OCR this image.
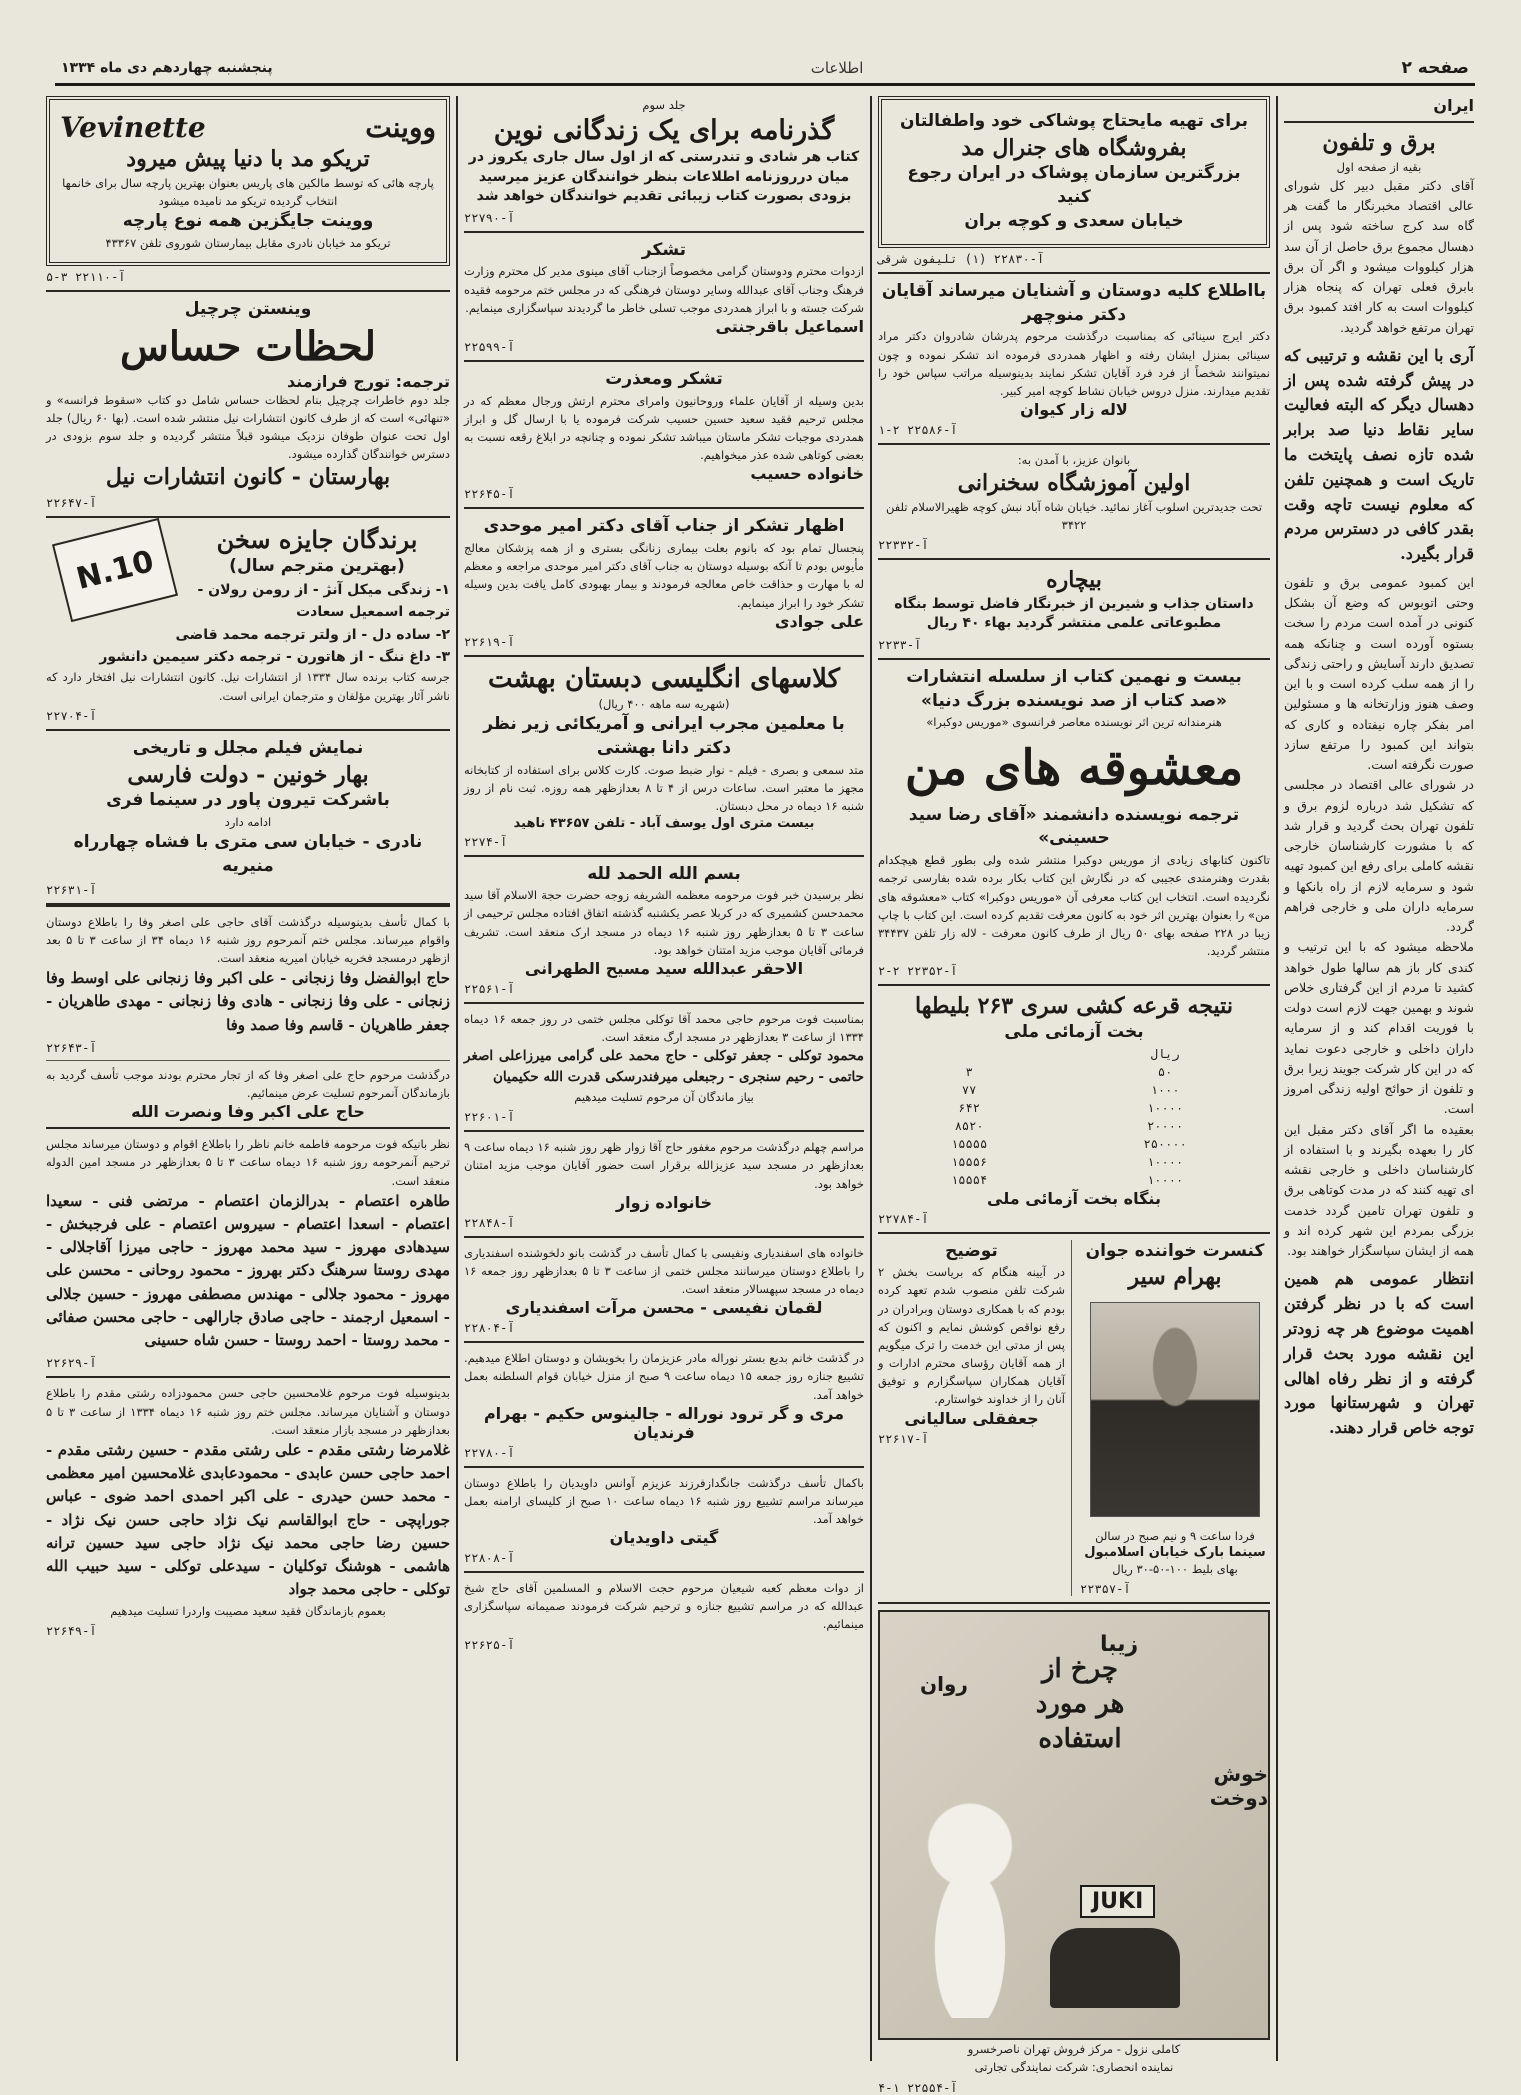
صفحه ۲
اطلاعات
پنجشنبه چهاردهم دی ماه ۱۳۳۴
ایران
برق و تلفون
بقیه از صفحه اول
آقای دکتر مقبل دبیر کل شورای عالی اقتصاد مخبرنگار ما گفت هر گاه سد کرج ساخته شود پس از دهسال مجموع برق حاصل از آن سد هزار کیلووات میشود و اگر آن برق بابرق فعلی تهران که پنجاه هزار کیلووات است به کار افتد کمبود برق تهران مرتفع خواهد گردید.
آری با این نقشه و ترتیبی که در پیش گرفته شده پس از دهسال دیگر که البته فعالیت سایر نقاط دنیا صد برابر شده تازه نصف پایتخت ما تاریک است و همچنین تلفن که معلوم نیست تاچه وقت بقدر کافی در دسترس مردم قرار بگیرد.
این کمبود عمومی برق و تلفون وحتی اتوبوس که وضع آن بشکل کنونی در آمده است مردم را سخت بستوه آورده است و چنانکه همه تصدیق دارند آسایش و راحتی زندگی را از همه سلب کرده است و با این وصف هنوز وزارتخانه ها و مسئولین امر بفکر چاره نیفتاده و کاری که بتواند این کمبود را مرتفع سازد صورت نگرفته است.
در شورای عالی اقتصاد در مجلسی که تشکیل شد درباره لزوم برق و تلفون تهران بحث گردید و قرار شد که با مشورت کارشناسان خارجی نقشه کاملی برای رفع این کمبود تهیه شود و سرمایه لازم از راه بانکها و سرمایه داران ملی و خارجی فراهم گردد.
ملاحظه میشود که با این ترتیب و کندی کار باز هم سالها طول خواهد کشید تا مردم از این گرفتاری خلاص شوند و بهمین جهت لازم است دولت با فوریت اقدام کند و از سرمایه داران داخلی و خارجی دعوت نماید که در این کار شرکت جویند زیرا برق و تلفون از حوائج اولیه زندگی امروز است.
بعقیده ما اگر آقای دکتر مقبل این کار را بعهده بگیرند و با استفاده از کارشناسان داخلی و خارجی نقشه ای تهیه کنند که در مدت کوتاهی برق و تلفون تهران تامین گردد خدمت بزرگی بمردم این شهر کرده اند و همه از ایشان سپاسگزار خواهند بود.
انتظار عمومی هم همین است که با در نظر گرفتن اهمیت موضوع هر چه زودتر این نقشه مورد بحث قرار گرفته و از نظر رفاه اهالی تهران و شهرستانها مورد توجه خاص قرار دهند.
برای تهیه مایحتاج پوشاکی خود واطفالتان
بفروشگاه های جنرال مد
بزرگترین سازمان پوشاک در ایران رجوع کنید
خیابان سعدی و کوچه بران
آ-۲۲۸۳۰ (۱) تلیفون شرقی
بااطلاع کلیه دوستان و آشنایان میرساند آقایان دکتر منوچهر
دکتر ایرج سینائی که بمناسبت درگذشت مرحوم پدرشان شادروان دکتر مراد سینائی بمنزل ایشان رفته و اظهار همدردی فرموده اند تشکر نموده و چون نمیتوانند شخصاً از فرد فرد آقایان تشکر نمایند بدینوسیله مراتب سپاس خود را تقدیم میدارند. منزل دروس خیابان نشاط کوچه امیر کبیر.
لاله زار کیوان
آ-۲۲۵۸۶ ۲-۱
بانوان عزیز، با آمدن به:
اولین آموزشگاه سخنرانی
تحت جدیدترین اسلوب آغاز نمائید. خیابان شاه آباد نبش کوچه ظهیرالاسلام تلفن ۳۴۲۲
آ-۲۲۳۳۲
بیچاره
داستان جذاب و شیرین از خبرنگار فاضل توسط بنگاه مطبوعاتی علمی منتشر گردید بهاء ۴۰ ریال
آ-۲۲۳۳
بیست و نهمین کتاب از سلسله انتشارات
«صد کتاب از صد نویسنده بزرگ دنیا»
هنرمندانه ترین اثر نویسنده معاصر فرانسوی «موریس دوکبرا»
معشوقه های من
ترجمه نویسنده دانشمند «آقای رضا سید حسینی»
تاکنون کتابهای زیادی از موریس دوکبرا منتشر شده ولی بطور قطع هیچکدام بقدرت وهنرمندی عجیبی که در نگارش این کتاب بکار برده شده بفارسی ترجمه نگردیده است. انتخاب این کتاب معرفی آن «موریس دوکبرا» کتاب «معشوقه های من» را بعنوان بهترین اثر خود به کانون معرفت تقدیم کرده است. این کتاب با چاپ زیبا در ۲۲۸ صفحه بهای ۵۰ ریال از طرف کانون معرفت - لاله زار تلفن ۳۴۴۳۷ منتشر گردید.
آ-۲۲۳۵۲ ۲-۲
نتیجه قرعه کشی سری ۲۶۳ بلیطها
بخت آزمائی ملی
	ریال
۳	۵۰
۷۷	۱۰۰۰
۶۴۲	۱۰۰۰۰
۸۵۲۰	۲۰۰۰۰
۱۵۵۵۵	۲۵۰۰۰۰
۱۵۵۵۶	۱۰۰۰۰
۱۵۵۵۴	۱۰۰۰۰
بنگاه بخت آزمائی ملی
آ-۲۲۷۸۴
کنسرت خواننده جوان
بهرام سیر
فردا ساعت ۹ و نیم صبح در سالن
سینما بارک خیابان اسلامبول
بهای بلیط ۱۰۰-۵۰-۳۰ ریال
آ-۲۲۳۵۷
توضیح
در آیینه هنگام که بریاست بخش ۲ شرکت تلفن منصوب شدم تعهد کرده بودم که با همکاری دوستان وبرادران در رفع نواقص کوشش نمایم و اکنون که پس از مدتی این خدمت را ترک میگویم از همه آقایان رؤسای محترم ادارات و آقایان همکاران سپاسگزارم و توفیق آنان را از خداوند خواستارم.
جعفقلی سالیانی
آ-۲۲۶۱۷
زیبا
چرخ از هر مورد استفاده
روان
خوش دوخت
JUKI
کاملی نزول - مرکز فروش تهران ناصرخسرو
نماینده انحصاری: شرکت نمایندگی تجارتی
آ-۲۲۵۵۴ ۱-۴
جلد سوم
گذرنامه برای یک زندگانی نوین
کتاب هر شادی و تندرستی که از اول سال جاری یکروز در میان درروزنامه اطلاعات بنظر خوانندگان عزیز میرسید بزودی بصورت کتاب زیبائی تقدیم خوانندگان خواهد شد
آ-۲۲۷۹۰
تشکر
ازدوات محترم ودوستان گرامی مخصوصاً ازجناب آقای مینوی مدیر کل محترم وزارت فرهنگ وجناب آقای عبدالله وسایر دوستان فرهنگی که در مجلس ختم مرحومه فقیده شرکت جسته و با ابراز همدردی موجب تسلی خاطر ما گردیدند سپاسگزاری مینمایم.
اسماعیل باقرجنتی
آ-۲۲۵۹۹
تشکر ومعذرت
بدین وسیله از آقایان علماء وروحانیون وامرای محترم ارتش ورجال معظم که در مجلس ترحیم فقید سعید حسین حسیب شرکت فرموده یا با ارسال گل و ابراز همدردی موجبات تشکر ماستان میباشد تشکر نموده و چنانچه در ابلاغ رقعه نسبت به بعضی کوتاهی شده عذر میخواهیم.
خانواده حسیب
آ-۲۲۶۴۵
اظهار تشکر از جناب آقای دکتر امیر موحدی
پنجسال تمام بود که بانوم بعلت بیماری زنانگی بستری و از همه پزشکان معالج مأیوس بودم تا آنکه بوسیله دوستان به جناب آقای دکتر امیر موحدی مراجعه و معظم له با مهارت و حذاقت خاص معالجه فرمودند و بیمار بهبودی کامل یافت بدین وسیله تشکر خود را ابراز مینمایم.
علی جوادی
آ-۲۲۶۱۹
کلاسهای انگلیسی دبستان بهشت
(شهریه سه ماهه ۴۰۰ ریال)
با معلمین مجرب ایرانی و آمریکائی زیر نظر
دکتر دانا بهشتی
متد سمعی و بصری - فیلم - نوار ضبط صوت. کارت کلاس برای استفاده از کتابخانه مجهز ما معتبر است. ساعات درس از ۴ تا ۸ بعدازظهر همه روزه. ثبت نام از روز شنبه ۱۶ دیماه در محل دبستان.
بیست متری اول یوسف آباد - تلفن ۴۳۶۵۷ ناهید
آ-۲۲۷۴
بسم الله الحمد لله
نظر برسیدن خبر فوت مرحومه معظمه الشریفه زوجه حضرت حجة الاسلام آقا سید محمدحسن کشمیری که در کربلا عصر یکشنبه گذشته اتفاق افتاده مجلس ترحیمی از ساعت ۳ تا ۵ بعدازظهر روز شنبه ۱۶ دیماه در مسجد ارک منعقد است. تشریف فرمائی آقایان موجب مزید امتنان خواهد بود.
الاحقر عبدالله سید مسیح الطهرانی
آ-۲۲۵۶۱
بمناسبت فوت مرحوم حاجی محمد آقا توکلی مجلس ختمی در روز جمعه ۱۶ دیماه ۱۳۳۴ از ساعت ۳ بعدازظهر در مسجد ارگ منعقد است.
محمود توکلی - جعفر توکلی - حاج محمد علی گرامی میرزاعلی اصغر حاتمی - رحیم سنجری - رجبعلی میرفندرسکی قدرت الله حکیمیان
بیاز ماندگان آن مرحوم تسلیت میدهیم
آ-۲۲۶۰۱
مراسم چهلم درگذشت مرحوم مغفور حاج آقا زوار ظهر روز شنبه ۱۶ دیماه ساعت ۹ بعدازظهر در مسجد سید عزیزالله برقرار است حضور آقایان موجب مزید امتنان خواهد بود.
خانواده زوار
آ-۲۲۸۴۸
خانواده های اسفندیاری ونفیسی با کمال تأسف در گذشت بانو دلخوشنده اسفندیاری را باطلاع دوستان میرسانند مجلس ختمی از ساعت ۳ تا ۵ بعدازظهر روز جمعه ۱۶ دیماه در مسجد سپهسالار منعقد است.
لقمان نفیسی - محسن مرآت اسفندیاری
آ-۲۲۸۰۴
در گذشت خانم بدیع بستر نوراله مادر عزیزمان را بخویشان و دوستان اطلاع میدهیم. تشییع جنازه روز جمعه ۱۵ دیماه ساعت ۹ صبح از منزل خیابان قوام السلطنه بعمل خواهد آمد.
مری و گر ترود نوراله - جالینوس حکیم - بهرام فرندیان
آ-۲۲۷۸۰
باکمال تأسف درگذشت جانگدازفرزند عزیزم آوانس داویدیان را باطلاع دوستان میرساند مراسم تشییع روز شنبه ۱۶ دیماه ساعت ۱۰ صبح از کلیسای ارامنه بعمل خواهد آمد.
گیتی داویدیان
آ-۲۲۸۰۸
از دوات معظم کعبه شیعیان مرحوم حجت الاسلام و المسلمین آقای حاج شیخ عبدالله که در مراسم تشییع جنازه و ترحیم شرکت فرمودند صمیمانه سپاسگزاری مینمائیم.
آ-۲۲۶۲۵
ووینت
Vevinette
تریکو مد با دنیا پیش میرود
پارچه هائی که توسط مالکین های پاریس بعنوان بهترین پارچه سال برای خانمها انتخاب گردیده تریکو مد نامیده میشود
ووینت جایگزین همه نوع پارچه
تریکو مد خیابان نادری مقابل بیمارستان شوروی تلفن ۴۳۳۶۷
آ-۲۲۱۱۰ ۳-۵
وینستن چرچیل
لحظات حساس
ترجمه: تورج فرازمند
جلد دوم خاطرات چرچیل بنام لحظات حساس شامل دو کتاب «سقوط فرانسه» و «تنهائی» است که از طرف کانون انتشارات نیل منتشر شده است. (بها ۶۰ ریال) جلد اول تحت عنوان طوفان نزدیک میشود قبلاً منتشر گردیده و جلد سوم بزودی در دسترس خوانندگان گذارده میشود.
بهارستان - کانون انتشارات نیل
آ-۲۲۶۴۷
N.10
برندگان جایزه سخن
(بهترین مترجم سال)
۱- زندگی میکل آنژ - از رومن رولان - ترجمه اسمعیل سعادت
۲- ساده دل - از ولتر ترجمه محمد قاضی
۳- داغ ننگ - از هاتورن - ترجمه دکتر سیمین دانشور
جرسه کتاب برنده سال ۱۳۳۴ از انتشارات نیل. کانون انتشارات نیل افتخار دارد که ناشر آثار بهترین مؤلفان و مترجمان ایرانی است.
آ-۲۲۷۰۴
نمایش فیلم مجلل و تاریخی
بهار خونین - دولت فارسی
باشرکت تیرون پاور در سینما فری
ادامه دارد
نادری - خیابان سی متری با فشاه چهارراه منیریه
آ-۲۲۶۳۱
با کمال تأسف بدینوسیله درگذشت آقای حاجی علی اصغر وفا را باطلاع دوستان واقوام میرساند. مجلس ختم آنمرحوم روز شنبه ۱۶ دیماه ۳۴ از ساعت ۳ تا ۵ بعد ازظهر درمسجد فخریه خیابان امیریه منعقد است.
حاج ابوالفضل وفا زنجانی - علی اکبر وفا زنجانی علی اوسط وفا زنجانی - علی وفا زنجانی - هادی وفا زنجانی - مهدی طاهریان - جعفر طاهریان - قاسم وفا صمد وفا
آ-۲۲۶۴۳
درگذشت مرحوم حاج علی اصغر وفا که از تجار محترم بودند موجب تأسف گردید به بازماندگان آنمرحوم تسلیت عرض مینمائیم.
حاج علی اکبر وفا ونصرت الله
نظر بانیکه فوت مرحومه فاطمه خانم ناظر را باطلاع اقوام و دوستان میرساند مجلس ترحیم آنمرحومه روز شنبه ۱۶ دیماه ساعت ۳ تا ۵ بعدازظهر در مسجد امین الدوله منعقد است.
طاهره اعتصام - بدرالزمان اعتصام - مرتضی فنی - سعیدا اعتصام - اسعدا اعتصام - سیروس اعتصام - علی فرجبخش - سیدهادی مهروز - سید محمد مهروز - حاجی میرزا آقاجلالی - مهدی روستا سرهنگ دکتر بهروز - محمود روحانی - محسن علی مهروز - محمود جلالی - مهندس مصطفی مهروز - حسین جلالی - اسمعیل ارجمند - حاجی صادق جارالهی - حاجی محسن صفائی - محمد روستا - احمد روستا - حسن شاه حسینی
آ-۲۲۶۲۹
بدینوسیله فوت مرحوم غلامحسین حاجی حسن محمودزاده رشتی مقدم را باطلاع دوستان و آشنایان میرساند. مجلس ختم روز شنبه ۱۶ دیماه ۱۳۳۴ از ساعت ۳ تا ۵ بعدازظهر در مسجد بازار منعقد است.
غلامرضا رشتی مقدم - علی رشتی مقدم - حسین رشتی مقدم - احمد حاجی حسن عابدی - محمودعابدی غلامحسین امیر معظمی - محمد حسن حیدری - علی اکبر احمدی احمد ضوی - عباس جوراپچی - حاج ابوالقاسم نیک نژاد حاجی حسن نیک نژاد - حسین رضا حاجی محمد نیک نژاد حاجی سید حسین ترانه هاشمی - هوشنگ توکلیان - سیدعلی توکلی - سید حبیب الله توکلی - حاجی محمد جواد
بعموم بازماندگان فقید سعید مصیبت واردرا تسلیت میدهیم
آ-۲۲۶۴۹
